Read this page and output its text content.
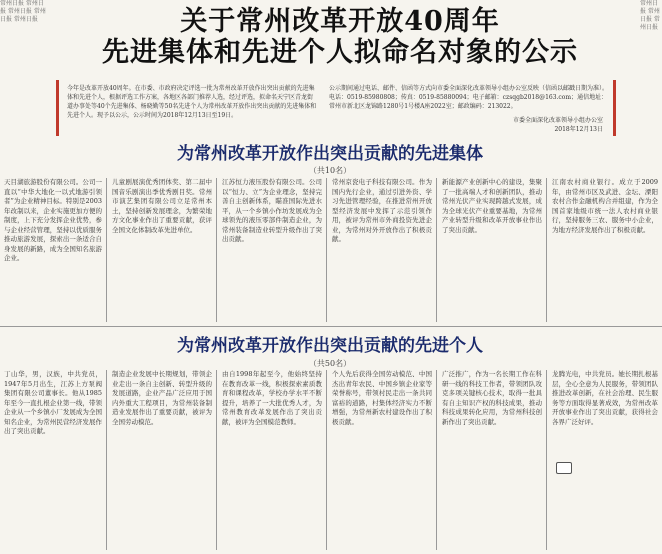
常州日报 常州日报 常州日报 常州日报 常州日报
常州日报 常州日报 常州日报
关于常州改革开放40周年
先进集体和先进个人拟命名对象的公示
今年是改革开放40周年。在市委、市政府决定评选一批为常州改革开放作出突出贡献的先进集体和先进个人，根据评选工作方案，各地区各部门推荐人选，经过评选，拟命名天宁区青龙街道办事处等40个先进集体、杨晓勤等50名先进个人为常州改革开放作出突出贡献的先进集体和先进个人。现予以公示，公示时间为2018年12月13日至19日。
公示期间通过电话、邮件、信函等方式向市委全面深化改革领导小组办公室反映（信函以邮戳日期为准）。电话：0519-85980808；传真：0519-85880094；电子邮箱：czsqgb2018@163.com；通信地址：常州市新北区龙锦路1280号1号楼A座2022室；邮政编码：213022。
市委全面深化改革领导小组办公室
2018年12月13日
为常州改革开放作出突出贡献的先进集体
（共10名）
天目湖旅游股份有限公司。公司一直以“中华大地化一以式地游引领者”为企业精神目标。特别是2003年改制以来，企业实施更加方便的制度，上下充分发挥企业优势，参与企业经营管理，坚持以优质服务推动旅游发展，探索出一条适合自身发展的新路，成为全国知名旅游企业。
儿童剧展演优秀团体奖、第二届中国音乐剧演出季优秀剧目奖。常州市演艺集团有限公司立足常州本土，坚持创新发展理念，为繁荣地方文化事业作出了重要贡献，获评全国文化体制改革先进单位。
江苏恒力液压股份有限公司。公司以“恒力、立”为企业理念，坚持完善自主创新体系，瞄准国际先进水平，从一个乡镇小作坊发展成为全球领先的液压零部件制造企业，为常州装备制造业转型升级作出了突出贡献。
常州京瓷电子科技有限公司。作为国内先行企业，通过引进外资、学习先进管理经验，在推进常州开放型经济发展中发挥了示范引领作用，被评为常州市外商投资先进企业，为常州对外开放作出了积极贡献。
新能源产业创新中心的建设，集聚了一批高端人才和创新团队，推动常州光伏产业实现跨越式发展，成为全球光伏产业重要基地，为常州产业转型升级和改革开放事业作出了突出贡献。
江南农村商业银行。成立于2009年，由常州市区及武进、金坛、溧阳农村合作金融机构合并组建，作为全国首家地级市统一法人农村商业银行，坚持服务三农、服务中小企业，为地方经济发展作出了积极贡献。
为常州改革开放作出突出贡献的先进个人
（共50名）
丁山华，男，汉族，中共党员，1947年5月出生，江苏上方泵阀集团有限公司董事长。他从1985年至今一直扎根企业第一线，带领企业从一个乡镇小厂发展成为全国知名企业，为常州民营经济发展作出了突出贡献。
制造企业发展中长期规划，带领企业走出一条自主创新、转型升级的发展道路，企业产品广泛应用于国内外重大工程项目，为常州装备制造业发展作出了重要贡献，被评为全国劳动模范。
由自1998年起至今，他始终坚持在教育改革一线，积极探索素质教育和课程改革，学校办学水平不断提升，培养了一大批优秀人才，为常州教育改革发展作出了突出贡献，被评为全国模范教师。
个人先后获得全国劳动模范、中国杰出青年农民、中国乡镇企业家等荣誉称号，带领村民走出一条共同富裕的道路，村集体经济实力不断增强，为常州新农村建设作出了积极贡献。
广泛推广，作为一名长期工作在科研一线的科技工作者，带领团队攻克多项关键核心技术，取得一批具有自主知识产权的科技成果，推动科技成果转化应用，为常州科技创新作出了突出贡献。
龙腾光电，中共党员。她长期扎根基层，全心全意为人民服务，带领团队推进改革创新，在社会治理、民生服务等方面取得显著成效，为常州改革开放事业作出了突出贡献，获得社会各界广泛好评。
